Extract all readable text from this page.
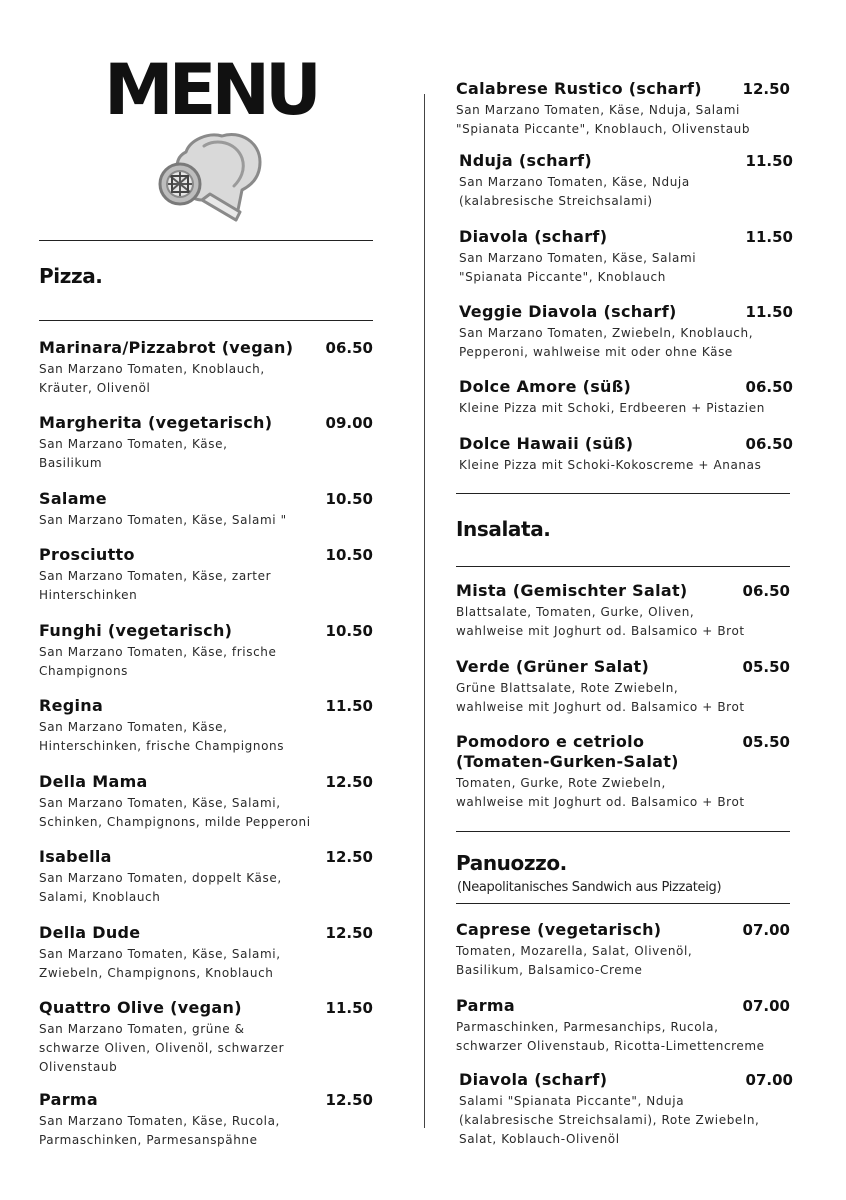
MENU
Pizza.
Marinara/Pizzabrot (vegan) 06.50
San Marzano Tomaten, Knoblauch,
Kräuter, Olivenöl
Margherita (vegetarisch)	09.00
San Marzano Tomaten, Käse,
Basilikum
Salame	10.50
San Marzano Tomaten, Käse, Salami "
Prosciutto	10.50
San Marzano Tomaten, Käse, zarter
Hinterschinken
Funghi (vegetarisch)	10.50
San Marzano Tomaten, Käse, frische
Champignons
Regina	11.50
San Marzano Tomaten, Käse,
Hinterschinken, frische Champignons
Della Mama	12.50
San Marzano Tomaten, Käse, Salami,
Schinken, Champignons, milde Pepperoni
Isabella	12.50
San Marzano Tomaten, doppelt Käse,
Salami, Knoblauch
Della Dude	12.50
San Marzano Tomaten, Käse, Salami,
Zwiebeln, Champignons, Knoblauch
Quattro Olive (vegan)	11.50
San Marzano Tomaten, grüne &
schwarze Oliven, Olivenöl, schwarzer
Olivenstaub
Parma	12.50
San Marzano Tomaten, Käse, Rucola,
Parmaschinken, Parmesanspähne
Calabrese Rustico (scharf)	12.50
San Marzano Tomaten, Käse, Nduja, Salami
"Spianata Piccante", Knoblauch, Olivenstaub
Nduja (scharf)	11.50
San Marzano Tomaten, Käse, Nduja
(kalabresische Streichsalami)
Diavola (scharf)	11.50
San Marzano Tomaten, Käse, Salami
"Spianata Piccante", Knoblauch
Veggie Diavola (scharf)	11.50
San Marzano Tomaten, Zwiebeln, Knoblauch,
Pepperoni, wahlweise mit oder ohne Käse
Dolce Amore (süß)	06.50
Kleine Pizza mit Schoki, Erdbeeren + Pistazien
Dolce Hawaii (süß)	06.50
Kleine Pizza mit Schoki-Kokoscreme + Ananas
Insalata.
Mista (Gemischter Salat)	06.50
Blattsalate, Tomaten, Gurke, Oliven,
wahlweise mit Joghurt od. Balsamico + Brot
Verde (Grüner Salat)	05.50
Grüne Blattsalate, Rote Zwiebeln,
wahlweise mit Joghurt od. Balsamico + Brot
Pomodoro e cetriolo
(Tomaten-Gurken-Salat)
05.50
Tomaten, Gurke, Rote Zwiebeln,
wahlweise mit Joghurt od. Balsamico + Brot
Panuozzo.

(Neapolitanisches Sandwich aus Pizzateig)

Caprese (vegetarisch)	07.00
Tomaten, Mozarella, Salat, Olivenöl,
Basilikum, Balsamico-Creme
Parma	07.00
Parmaschinken, Parmesanchips, Rucola,
schwarzer Olivenstaub, Ricotta-Limettencreme
Diavola (scharf)	07.00
Salami "Spianata Piccante", Nduja
(kalabresische Streichsalami), Rote Zwiebeln,
Salat, Koblauch-Olivenöl
